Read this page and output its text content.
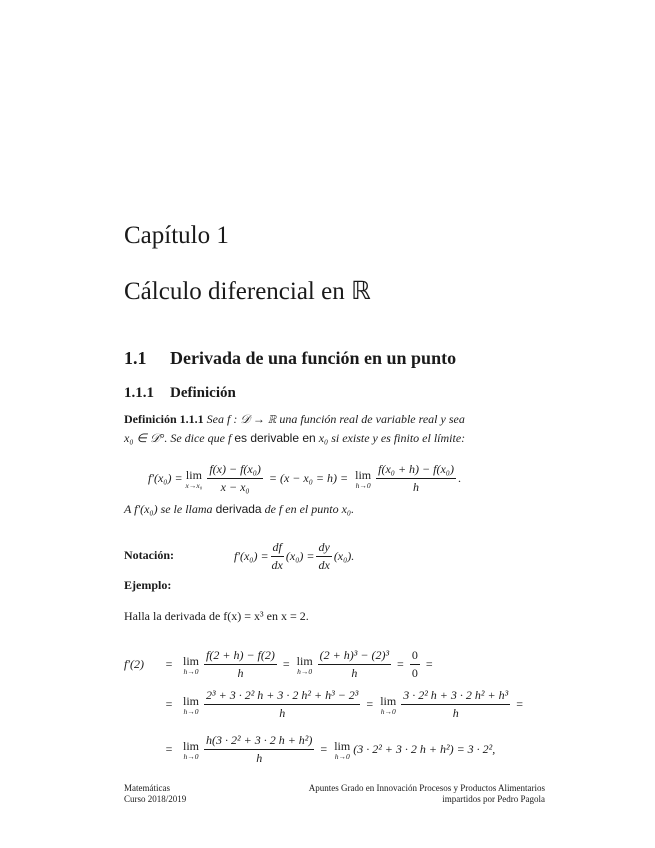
Capítulo 1
Cálculo diferencial en ℝ
1.1 Derivada de una función en un punto
1.1.1 Definición
Definición 1.1.1 Sea f : 𝒟 → ℝ una función real de variable real y sea
x₀ ∈ 𝒟°. Se dice que f es derivable en x₀ si existe y es finito el límite:
f′(x₀) = lim
$x\to x_0 \frac{\text{f(x) − f(x₀)}}{\text{x − x₀}} = (x - x_0 = h) = \lim$
$h\to 0 \frac{\text{f(x₀ + h) − f(x₀)}}{h}$ .
A f′(x₀) se le llama derivada de f en el punto x₀.
Notación:	$f'(x_0) = \frac{df}{dx} (x_0) = \frac{dy}{dx} (x_0)$.
Ejemplo:
Halla la derivada de f(x) = x³ en x = 2.
f′(2)	= lim
$h\to 0 \frac{f(2 + h) - f(2)}{h} = \lim$
$h\to 0 \frac{\text{(2 + h)³ − (2)³}}{h} = \frac{0}{0}$ =
= lim
$h\to 0 \frac{\text{2³ + 3 · 2² h + 3 · 2 h² + h³ − 2³}}{h} = \lim$
$h\to 0 \frac{\text{3 · 2² h + 3 · 2 h² + h³}}{h}$ =
= lim
$h\to 0 \frac{\text{h(3 · 2² + 3 · 2 h + h²)}}{h} = \lim$
h→0 (3 · 2² + 3 · 2 h + h²) = 3 · 2²,
Matemáticas
Curso 2018/2019
Apuntes Grado en Innovación Procesos y Productos Alimentarios
impartidos por Pedro Pagola
